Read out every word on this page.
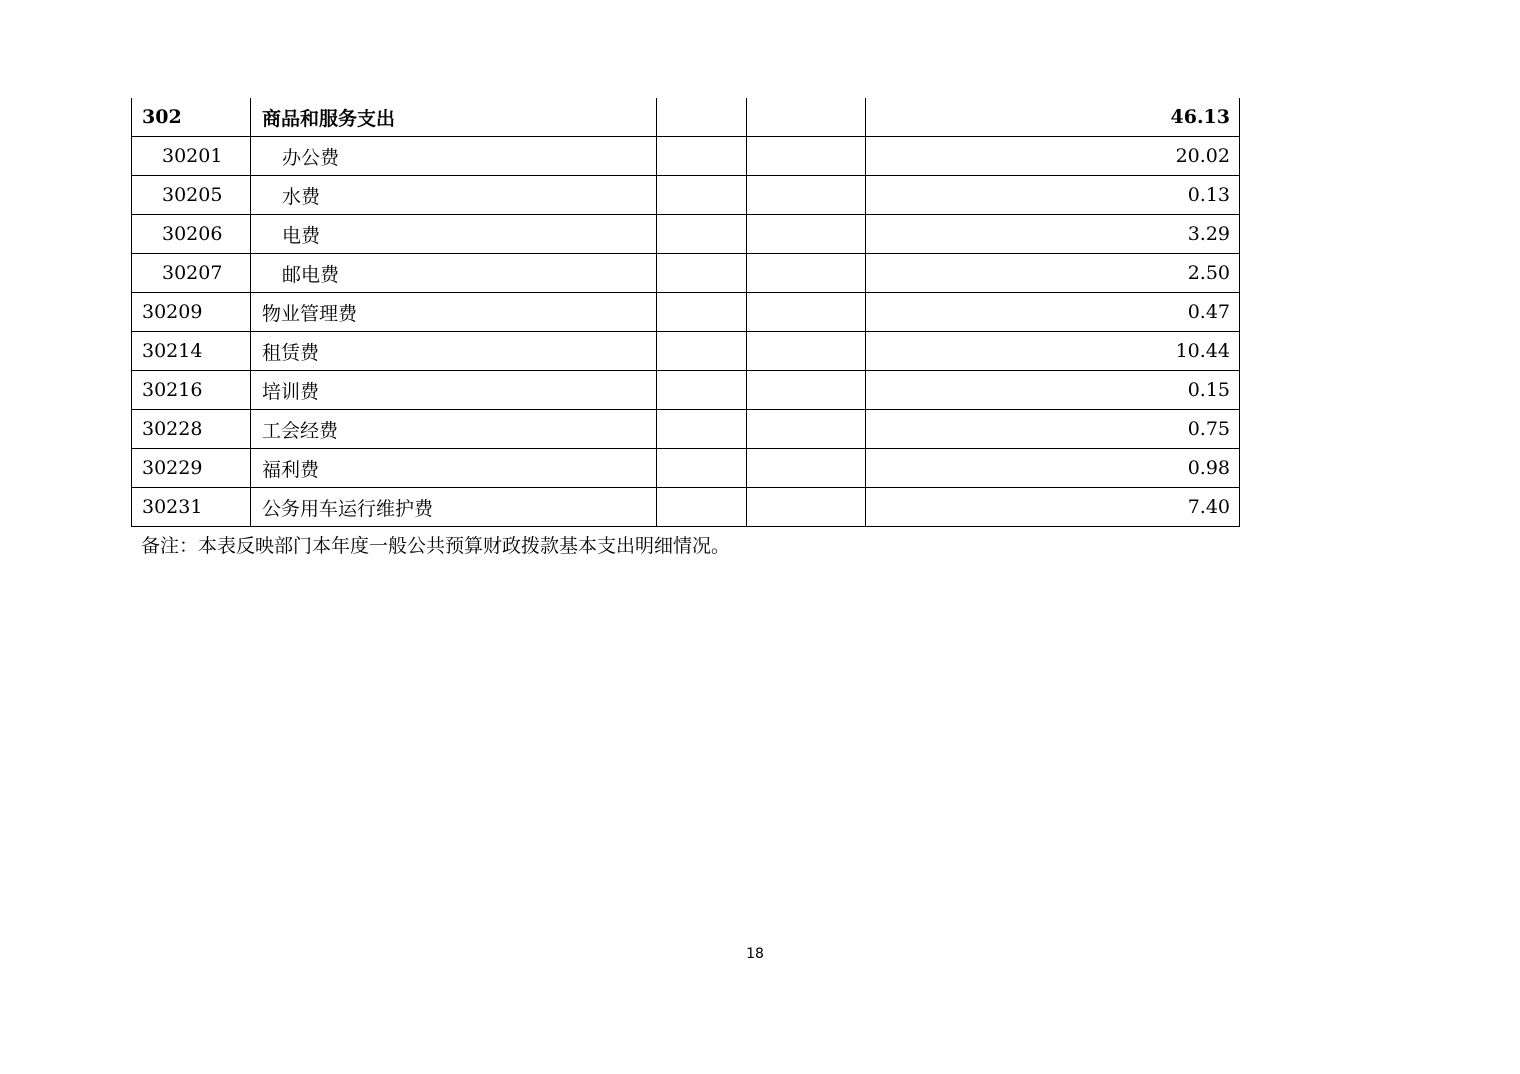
302	商品和服务支出			46.13
30201	办公费			20.02
30205	水费			0.13
30206	电费			3.29
30207	邮电费			2.50
30209	物业管理费			0.47
30214	租赁费			10.44
30216	培训费			0.15
30228	工会经费			0.75
30229	福利费			0.98
30231	公务用车运行维护费			7.40
备注：本表反映部门本年度一般公共预算财政拨款基本支出明细情况。
18
